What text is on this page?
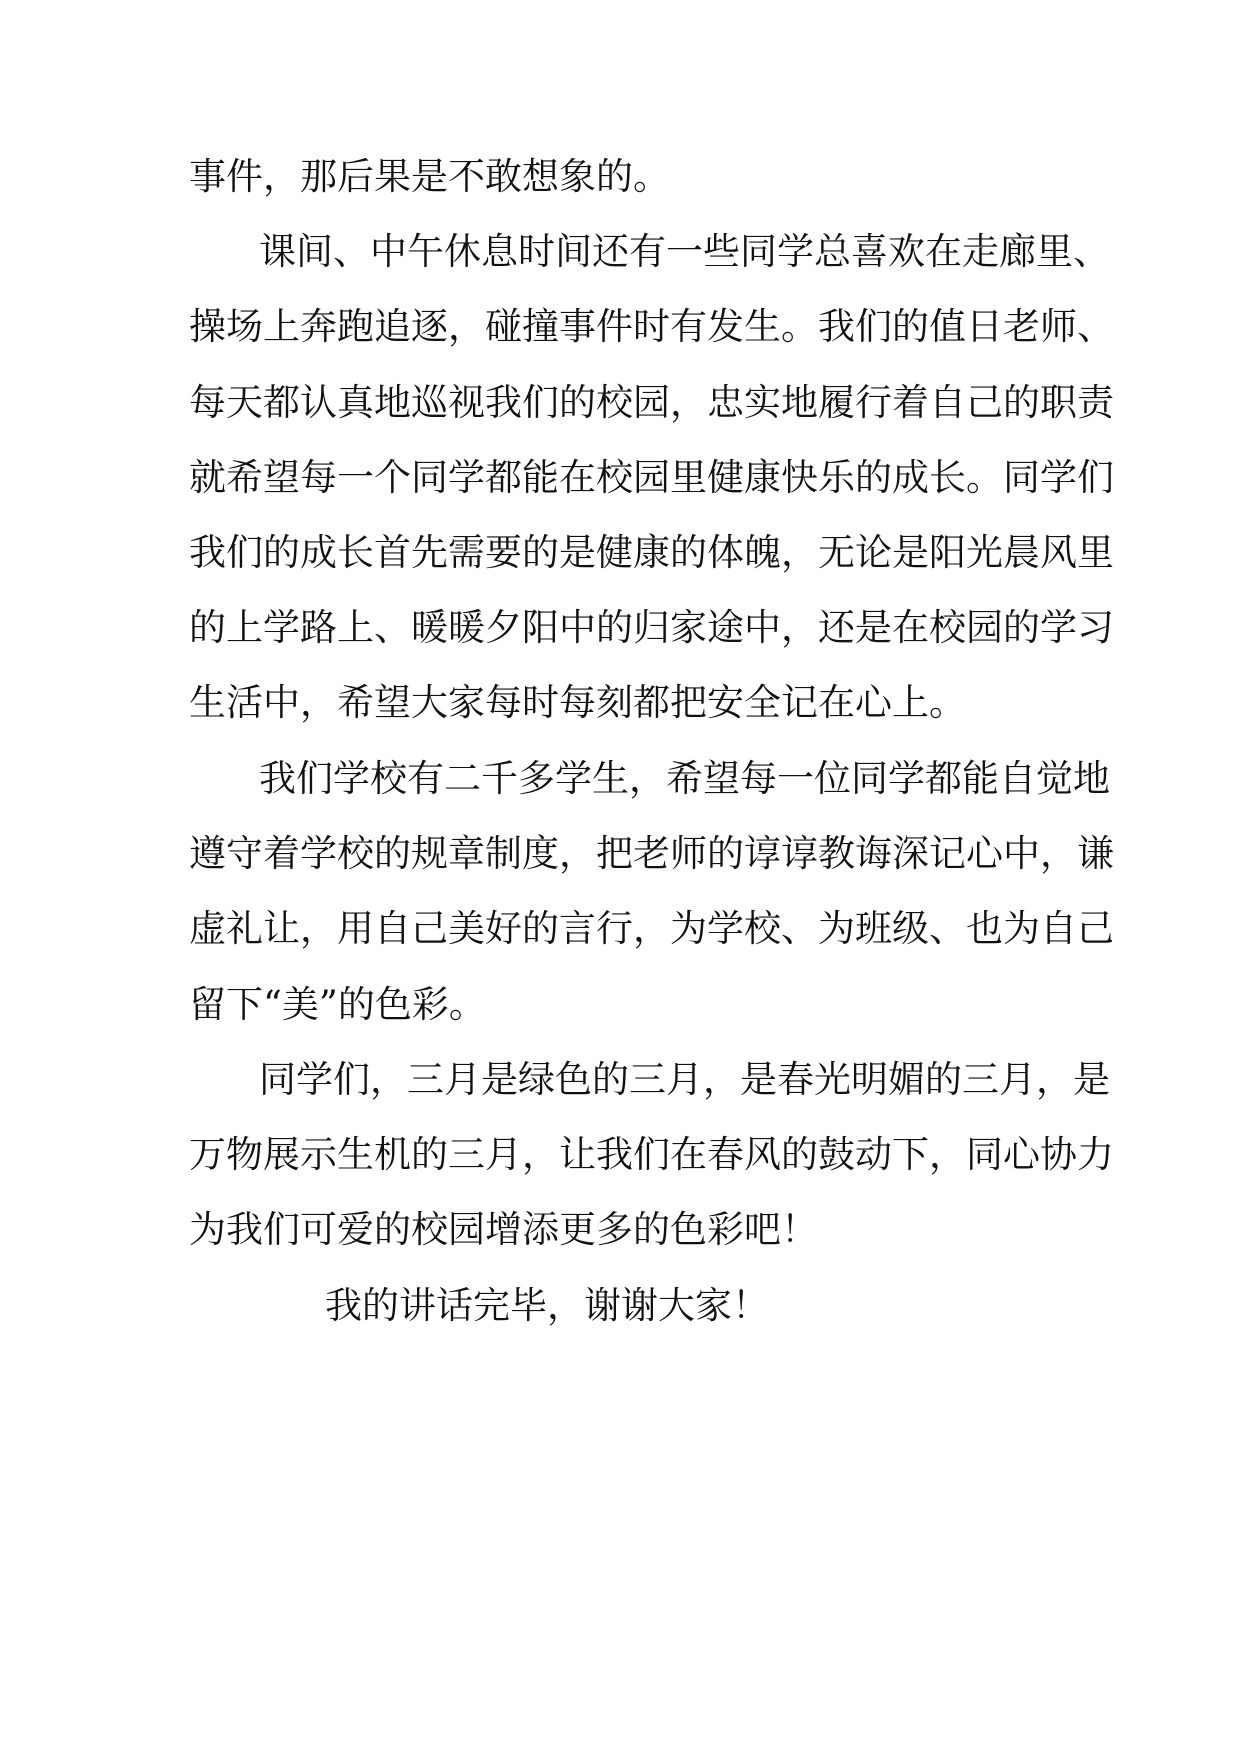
事件，那后果是不敢想象的。
课间、中午休息时间还有一些同学总喜欢在走廊里、
操场上奔跑追逐，碰撞事件时有发生。我们的值日老师、
每天都认真地巡视我们的校园，忠实地履行着自己的职责
就希望每一个同学都能在校园里健康快乐的成长。同学们
我们的成长首先需要的是健康的体魄，无论是阳光晨风里
的上学路上、暖暖夕阳中的归家途中，还是在校园的学习
生活中，希望大家每时每刻都把安全记在心上。
我们学校有二千多学生，希望每一位同学都能自觉地
遵守着学校的规章制度，把老师的谆谆教诲深记心中，谦
虚礼让，用自己美好的言行，为学校、为班级、也为自己
留下“美”的色彩。
同学们，三月是绿色的三月，是春光明媚的三月，是
万物展示生机的三月，让我们在春风的鼓动下，同心协力
为我们可爱的校园增添更多的色彩吧！
我的讲话完毕，谢谢大家！
